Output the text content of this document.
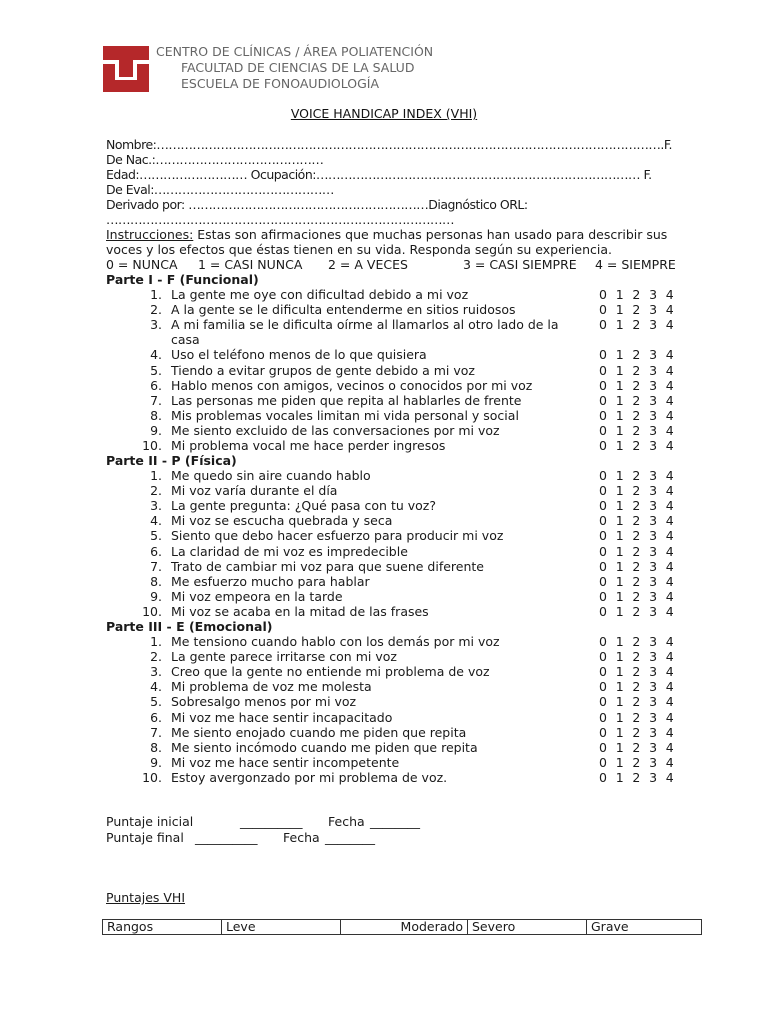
CENTRO DE CLÍNICAS / ÁREA POLIATENCIÓN
FACULTAD DE CIENCIAS DE LA SALUD
ESCUELA DE FONOAUDIOLOGÍA
VOICE HANDICAP INDEX (VHI)
Nombre:……………………………………………………………………………………………………………….F.
De Nac.:……………………………………
Edad:……………………… Ocupación:……………………………………………………………………… F.
De Eval:………………………………………
Derivado por: ……………………………………………………Diagnóstico ORL:
……………………………………………………………………………
Instrucciones: Estas son afirmaciones que muchas personas han usado para describir sus
voces y los efectos que éstas tienen en su vida. Responda según su experiencia.
0 = NUNCA 1 = CASI NUNCA 2 = A VECES	3 = CASI SIEMPRE 4 = SIEMPRE
Parte I - F (Funcional)
1. La gente me oye con dificultad debido a mi voz	0 1 2 3 4
2. A la gente se le dificulta entenderme en sitios ruidosos	0 1 2 3 4
3. A mi familia se le dificulta oírme al llamarlos al otro lado de la casa
0 1 2 3 4
4. Uso el teléfono menos de lo que quisiera	0 1 2 3 4
5. Tiendo a evitar grupos de gente debido a mi voz	0 1 2 3 4
6. Hablo menos con amigos, vecinos o conocidos por mi voz	0 1 2 3 4
7. Las personas me piden que repita al hablarles de frente	0 1 2 3 4
8. Mis problemas vocales limitan mi vida personal y social	0 1 2 3 4
9. Me siento excluido de las conversaciones por mi voz	0 1 2 3 4
10. Mi problema vocal me hace perder ingresos	0 1 2 3 4
Parte II - P (Física)
1. Me quedo sin aire cuando hablo	0 1 2 3 4
2. Mi voz varía durante el día	0 1 2 3 4
3. La gente pregunta: ¿Qué pasa con tu voz?	0 1 2 3 4
4. Mi voz se escucha quebrada y seca	0 1 2 3 4
5. Siento que debo hacer esfuerzo para producir mi voz	0 1 2 3 4
6. La claridad de mi voz es impredecible	0 1 2 3 4
7. Trato de cambiar mi voz para que suene diferente	0 1 2 3 4
8. Me esfuerzo mucho para hablar	0 1 2 3 4
9. Mi voz empeora en la tarde	0 1 2 3 4
10. Mi voz se acaba en la mitad de las frases	0 1 2 3 4
Parte III - E (Emocional)
1. Me tensiono cuando hablo con los demás por mi voz	0 1 2 3 4
2. La gente parece irritarse con mi voz	0 1 2 3 4
3. Creo que la gente no entiende mi problema de voz	0 1 2 3 4
4. Mi problema de voz me molesta	0 1 2 3 4
5. Sobresalgo menos por mi voz	0 1 2 3 4
6. Mi voz me hace sentir incapacitado	0 1 2 3 4
7. Me siento enojado cuando me piden que repita	0 1 2 3 4
8. Me siento incómodo cuando me piden que repita	0 1 2 3 4
9. Mi voz me hace sentir incompetente	0 1 2 3 4
10. Estoy avergonzado por mi problema de voz.	0 1 2 3 4
Puntaje inicial	__________ Fecha ________
Puntaje final __________ Fecha ________
Puntajes VHI
Rangos	Leve	Moderado	Severo	Grave
